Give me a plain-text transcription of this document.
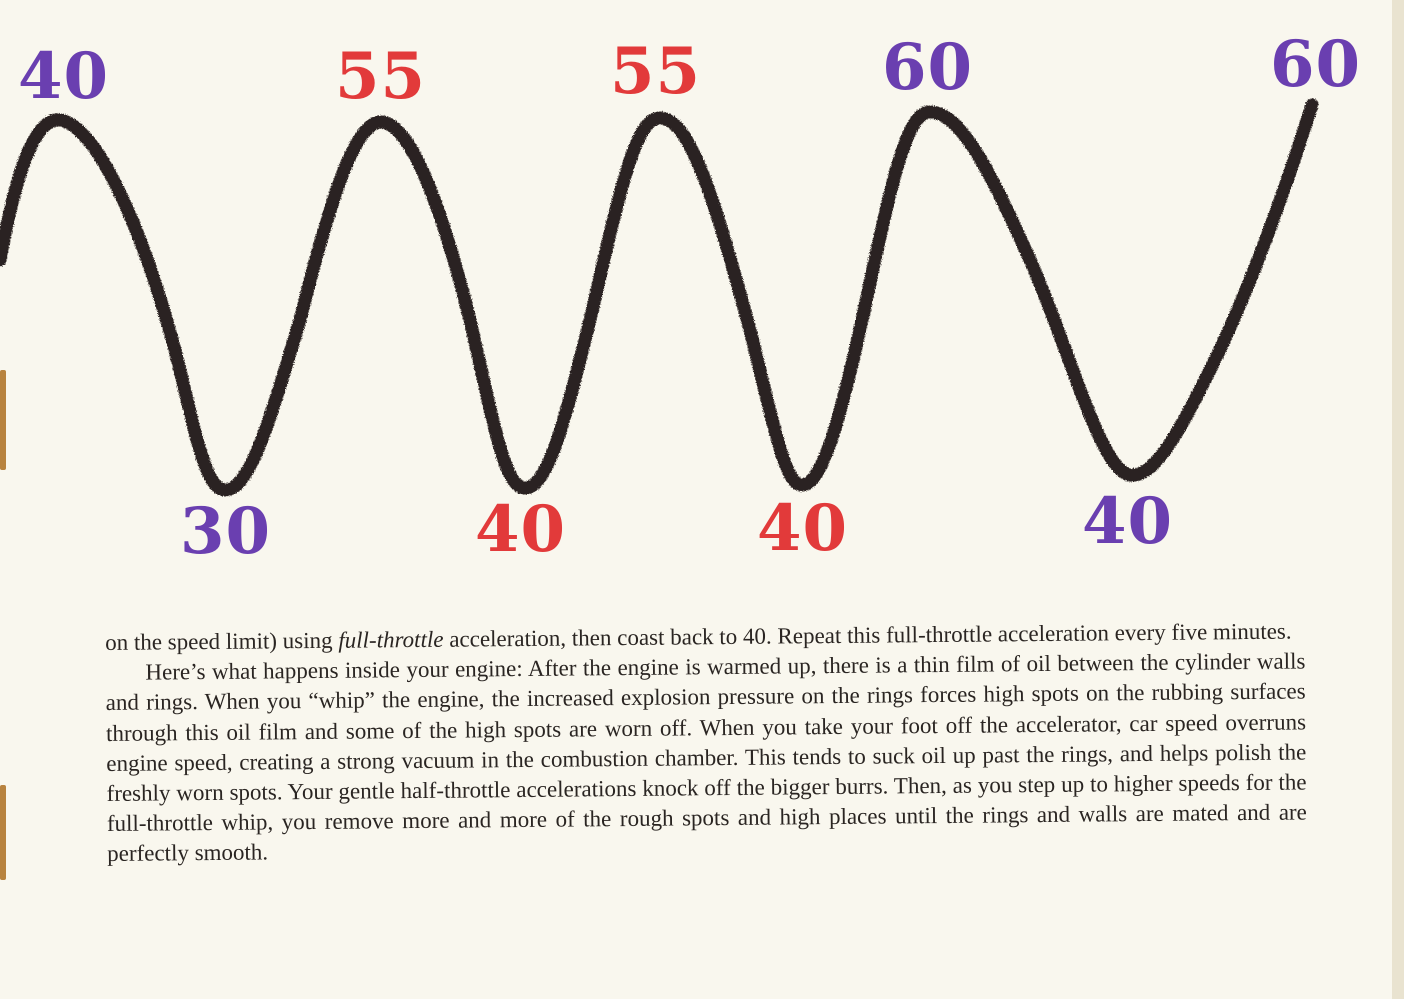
40
30
55
40
55
40
60
40
60

on the speed limit) using full-throttle acceleration, then coast back to 40. Repeat this full-throttle acceleration every five minutes.

Here’s what happens inside your engine: After the engine is warmed up, there is a thin film of oil between the cylinder walls and rings. When you “whip” the engine, the increased explosion pressure on the rings forces high spots on the rubbing surfaces through this oil film and some of the high spots are worn off. When you take your foot off the accelerator, car speed overruns engine speed, creating a strong vacuum in the combustion chamber. This tends to suck oil up past the rings, and helps polish the freshly worn spots. Your gentle half-throttle accelerations knock off the bigger burrs. Then, as you step up to higher speeds for the full-throttle whip, you remove more and more of the rough spots and high places until the rings and walls are mated and are perfectly smooth.
